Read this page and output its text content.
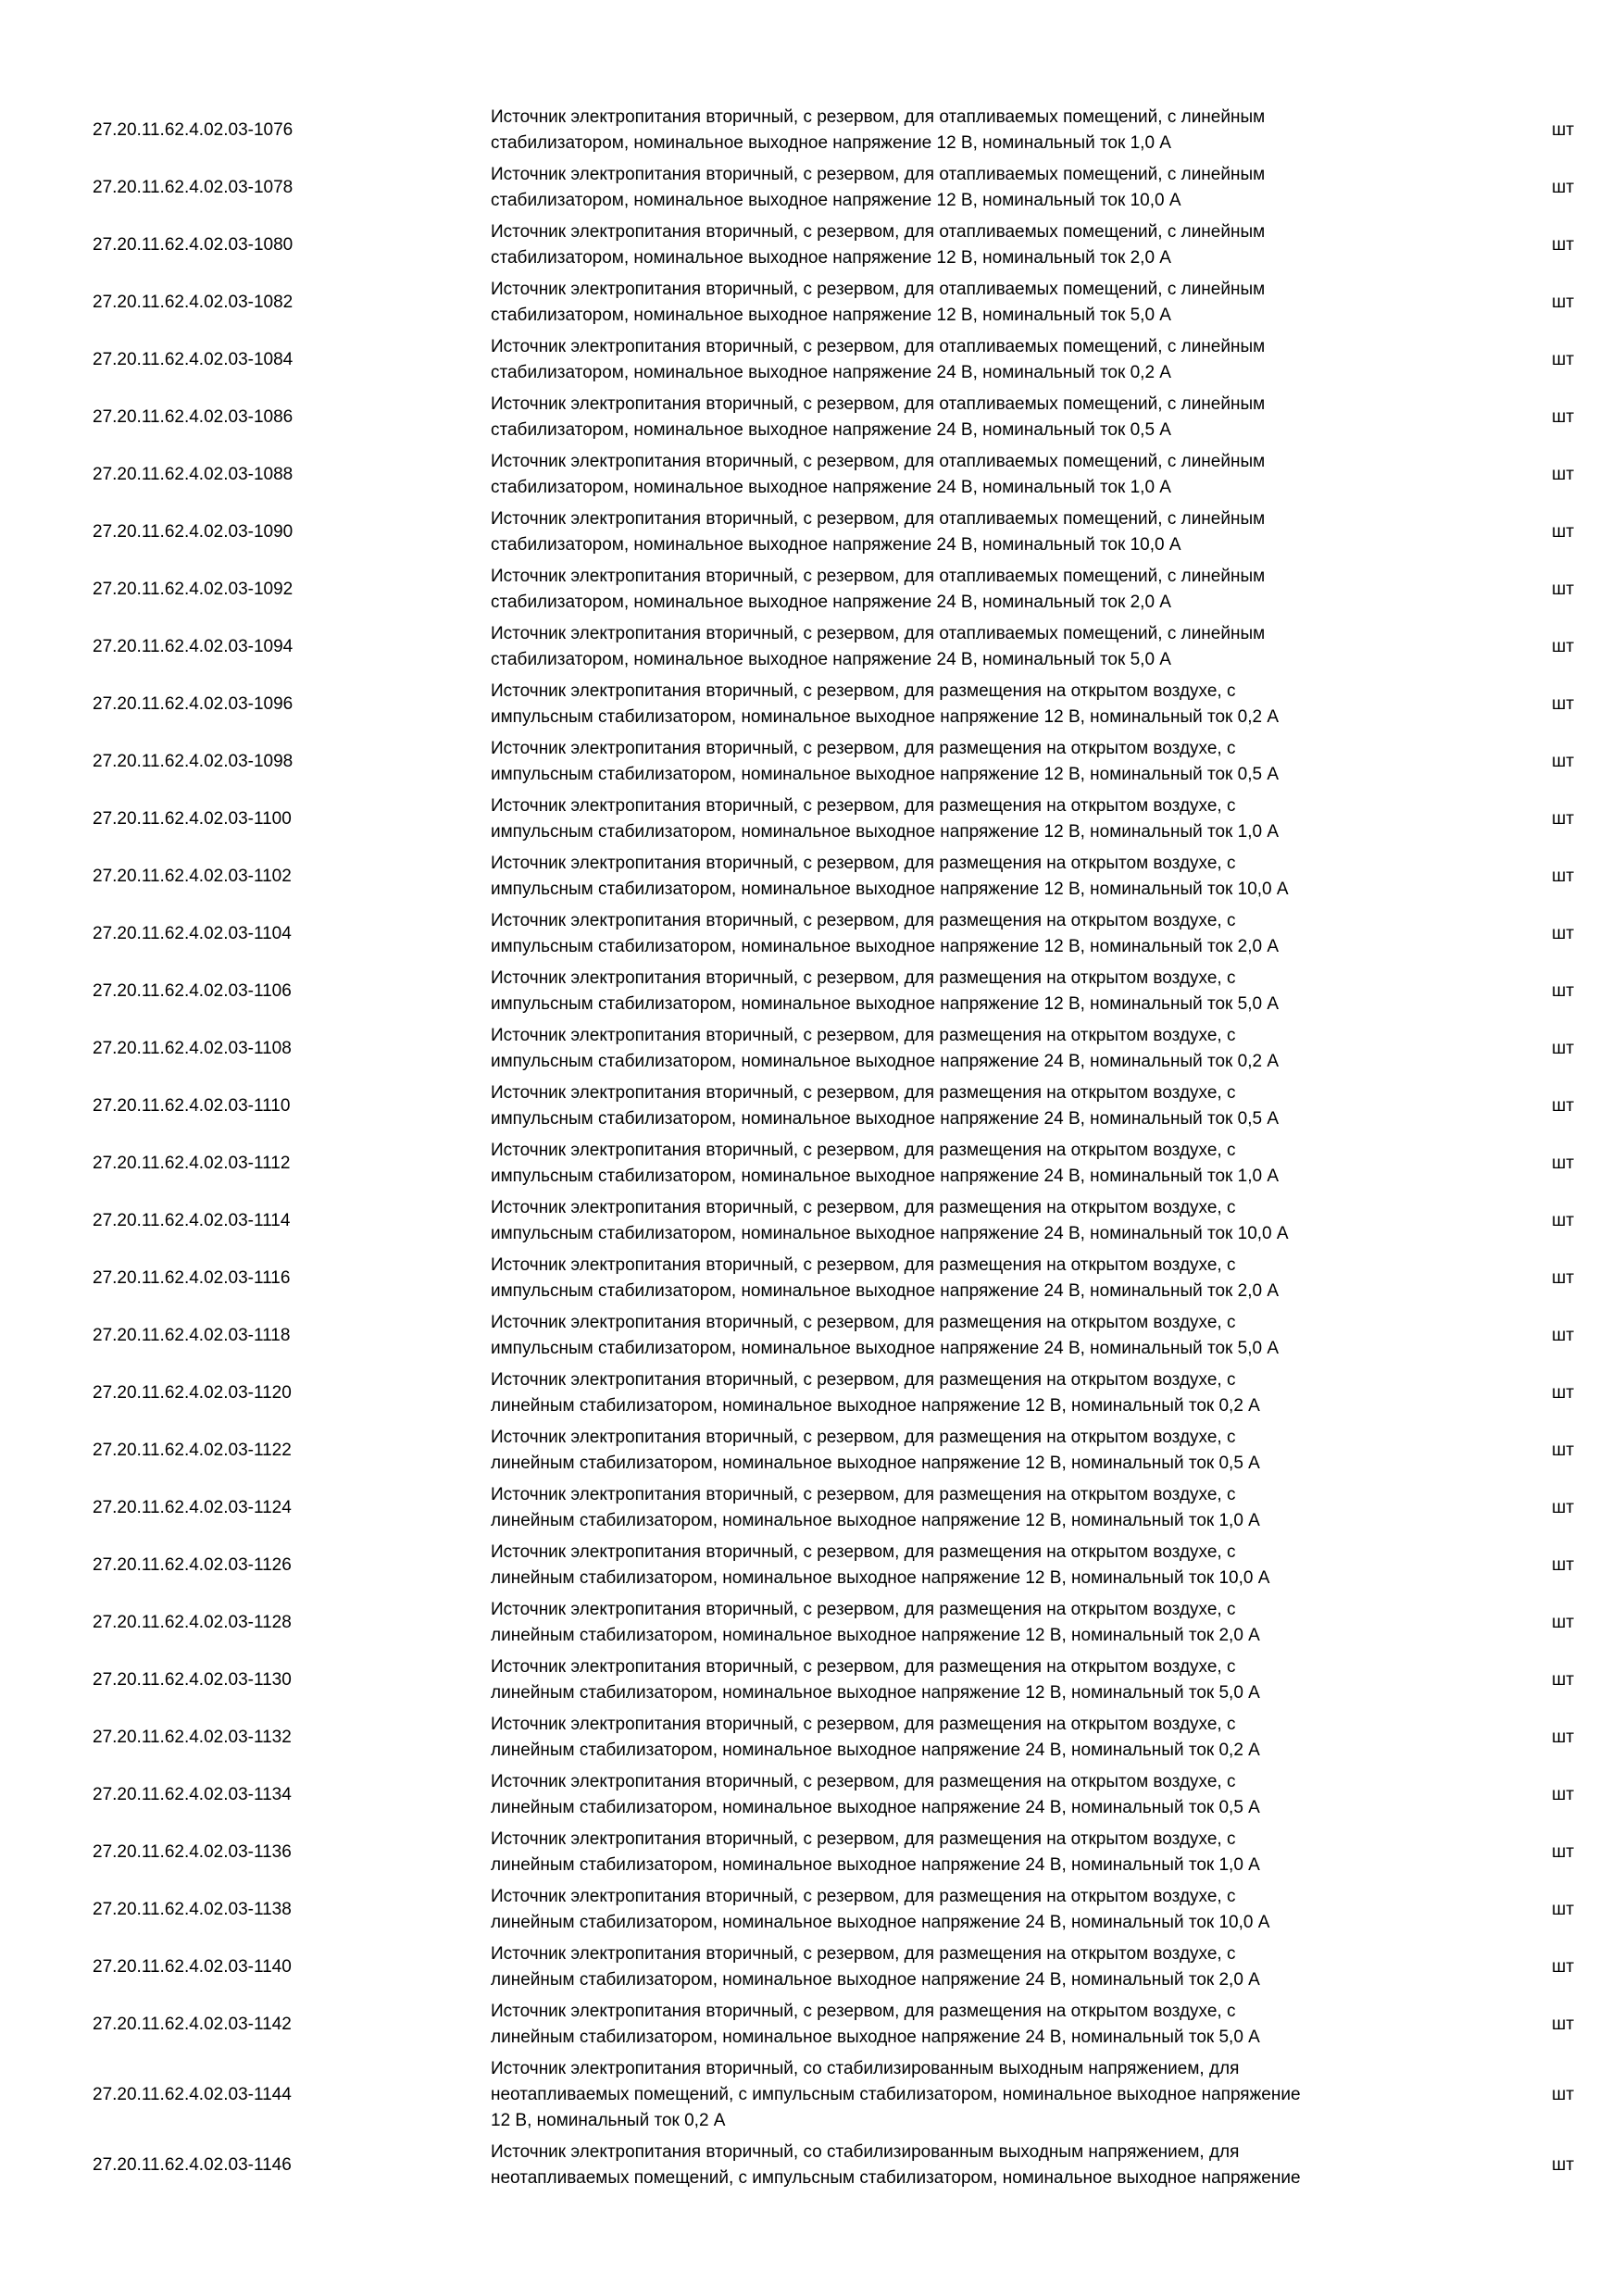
27.20.11.62.4.02.03-1076	Источник электропитания вторичный, с резервом, для отапливаемых помещений, с линейным
стабилизатором, номинальное выходное напряжение 12 В, номинальный ток 1,0 А	шт
27.20.11.62.4.02.03-1078	Источник электропитания вторичный, с резервом, для отапливаемых помещений, с линейным
стабилизатором, номинальное выходное напряжение 12 В, номинальный ток 10,0 А	шт
27.20.11.62.4.02.03-1080	Источник электропитания вторичный, с резервом, для отапливаемых помещений, с линейным
стабилизатором, номинальное выходное напряжение 12 В, номинальный ток 2,0 А	шт
27.20.11.62.4.02.03-1082	Источник электропитания вторичный, с резервом, для отапливаемых помещений, с линейным
стабилизатором, номинальное выходное напряжение 12 В, номинальный ток 5,0 А	шт
27.20.11.62.4.02.03-1084	Источник электропитания вторичный, с резервом, для отапливаемых помещений, с линейным
стабилизатором, номинальное выходное напряжение 24 В, номинальный ток 0,2 А	шт
27.20.11.62.4.02.03-1086	Источник электропитания вторичный, с резервом, для отапливаемых помещений, с линейным
стабилизатором, номинальное выходное напряжение 24 В, номинальный ток 0,5 А	шт
27.20.11.62.4.02.03-1088	Источник электропитания вторичный, с резервом, для отапливаемых помещений, с линейным
стабилизатором, номинальное выходное напряжение 24 В, номинальный ток 1,0 А	шт
27.20.11.62.4.02.03-1090	Источник электропитания вторичный, с резервом, для отапливаемых помещений, с линейным
стабилизатором, номинальное выходное напряжение 24 В, номинальный ток 10,0 А	шт
27.20.11.62.4.02.03-1092	Источник электропитания вторичный, с резервом, для отапливаемых помещений, с линейным
стабилизатором, номинальное выходное напряжение 24 В, номинальный ток 2,0 А	шт
27.20.11.62.4.02.03-1094	Источник электропитания вторичный, с резервом, для отапливаемых помещений, с линейным
стабилизатором, номинальное выходное напряжение 24 В, номинальный ток 5,0 А	шт
27.20.11.62.4.02.03-1096	Источник электропитания вторичный, с резервом, для размещения на открытом воздухе, с
импульсным стабилизатором, номинальное выходное напряжение 12 В, номинальный ток 0,2 А	шт
27.20.11.62.4.02.03-1098	Источник электропитания вторичный, с резервом, для размещения на открытом воздухе, с
импульсным стабилизатором, номинальное выходное напряжение 12 В, номинальный ток 0,5 А	шт
27.20.11.62.4.02.03-1100	Источник электропитания вторичный, с резервом, для размещения на открытом воздухе, с
импульсным стабилизатором, номинальное выходное напряжение 12 В, номинальный ток 1,0 А	шт
27.20.11.62.4.02.03-1102	Источник электропитания вторичный, с резервом, для размещения на открытом воздухе, с
импульсным стабилизатором, номинальное выходное напряжение 12 В, номинальный ток 10,0 А	шт
27.20.11.62.4.02.03-1104	Источник электропитания вторичный, с резервом, для размещения на открытом воздухе, с
импульсным стабилизатором, номинальное выходное напряжение 12 В, номинальный ток 2,0 А	шт
27.20.11.62.4.02.03-1106	Источник электропитания вторичный, с резервом, для размещения на открытом воздухе, с
импульсным стабилизатором, номинальное выходное напряжение 12 В, номинальный ток 5,0 А	шт
27.20.11.62.4.02.03-1108	Источник электропитания вторичный, с резервом, для размещения на открытом воздухе, с
импульсным стабилизатором, номинальное выходное напряжение 24 В, номинальный ток 0,2 А	шт
27.20.11.62.4.02.03-1110	Источник электропитания вторичный, с резервом, для размещения на открытом воздухе, с
импульсным стабилизатором, номинальное выходное напряжение 24 В, номинальный ток 0,5 А	шт
27.20.11.62.4.02.03-1112	Источник электропитания вторичный, с резервом, для размещения на открытом воздухе, с
импульсным стабилизатором, номинальное выходное напряжение 24 В, номинальный ток 1,0 А	шт
27.20.11.62.4.02.03-1114	Источник электропитания вторичный, с резервом, для размещения на открытом воздухе, с
импульсным стабилизатором, номинальное выходное напряжение 24 В, номинальный ток 10,0 А	шт
27.20.11.62.4.02.03-1116	Источник электропитания вторичный, с резервом, для размещения на открытом воздухе, с
импульсным стабилизатором, номинальное выходное напряжение 24 В, номинальный ток 2,0 А	шт
27.20.11.62.4.02.03-1118	Источник электропитания вторичный, с резервом, для размещения на открытом воздухе, с
импульсным стабилизатором, номинальное выходное напряжение 24 В, номинальный ток 5,0 А	шт
27.20.11.62.4.02.03-1120	Источник электропитания вторичный, с резервом, для размещения на открытом воздухе, с
линейным стабилизатором, номинальное выходное напряжение 12 В, номинальный ток 0,2 А	шт
27.20.11.62.4.02.03-1122	Источник электропитания вторичный, с резервом, для размещения на открытом воздухе, с
линейным стабилизатором, номинальное выходное напряжение 12 В, номинальный ток 0,5 А	шт
27.20.11.62.4.02.03-1124	Источник электропитания вторичный, с резервом, для размещения на открытом воздухе, с
линейным стабилизатором, номинальное выходное напряжение 12 В, номинальный ток 1,0 А	шт
27.20.11.62.4.02.03-1126	Источник электропитания вторичный, с резервом, для размещения на открытом воздухе, с
линейным стабилизатором, номинальное выходное напряжение 12 В, номинальный ток 10,0 А	шт
27.20.11.62.4.02.03-1128	Источник электропитания вторичный, с резервом, для размещения на открытом воздухе, с
линейным стабилизатором, номинальное выходное напряжение 12 В, номинальный ток 2,0 А	шт
27.20.11.62.4.02.03-1130	Источник электропитания вторичный, с резервом, для размещения на открытом воздухе, с
линейным стабилизатором, номинальное выходное напряжение 12 В, номинальный ток 5,0 А	шт
27.20.11.62.4.02.03-1132	Источник электропитания вторичный, с резервом, для размещения на открытом воздухе, с
линейным стабилизатором, номинальное выходное напряжение 24 В, номинальный ток 0,2 А	шт
27.20.11.62.4.02.03-1134	Источник электропитания вторичный, с резервом, для размещения на открытом воздухе, с
линейным стабилизатором, номинальное выходное напряжение 24 В, номинальный ток 0,5 А	шт
27.20.11.62.4.02.03-1136	Источник электропитания вторичный, с резервом, для размещения на открытом воздухе, с
линейным стабилизатором, номинальное выходное напряжение 24 В, номинальный ток 1,0 А	шт
27.20.11.62.4.02.03-1138	Источник электропитания вторичный, с резервом, для размещения на открытом воздухе, с
линейным стабилизатором, номинальное выходное напряжение 24 В, номинальный ток 10,0 А	шт
27.20.11.62.4.02.03-1140	Источник электропитания вторичный, с резервом, для размещения на открытом воздухе, с
линейным стабилизатором, номинальное выходное напряжение 24 В, номинальный ток 2,0 А	шт
27.20.11.62.4.02.03-1142	Источник электропитания вторичный, с резервом, для размещения на открытом воздухе, с
линейным стабилизатором, номинальное выходное напряжение 24 В, номинальный ток 5,0 А	шт
27.20.11.62.4.02.03-1144	Источник электропитания вторичный, со стабилизированным выходным напряжением, для
неотапливаемых помещений, с импульсным стабилизатором, номинальное выходное напряжение
12 В, номинальный ток 0,2 А	шт
27.20.11.62.4.02.03-1146	Источник электропитания вторичный, со стабилизированным выходным напряжением, для
неотапливаемых помещений, с импульсным стабилизатором, номинальное выходное напряжение	шт
